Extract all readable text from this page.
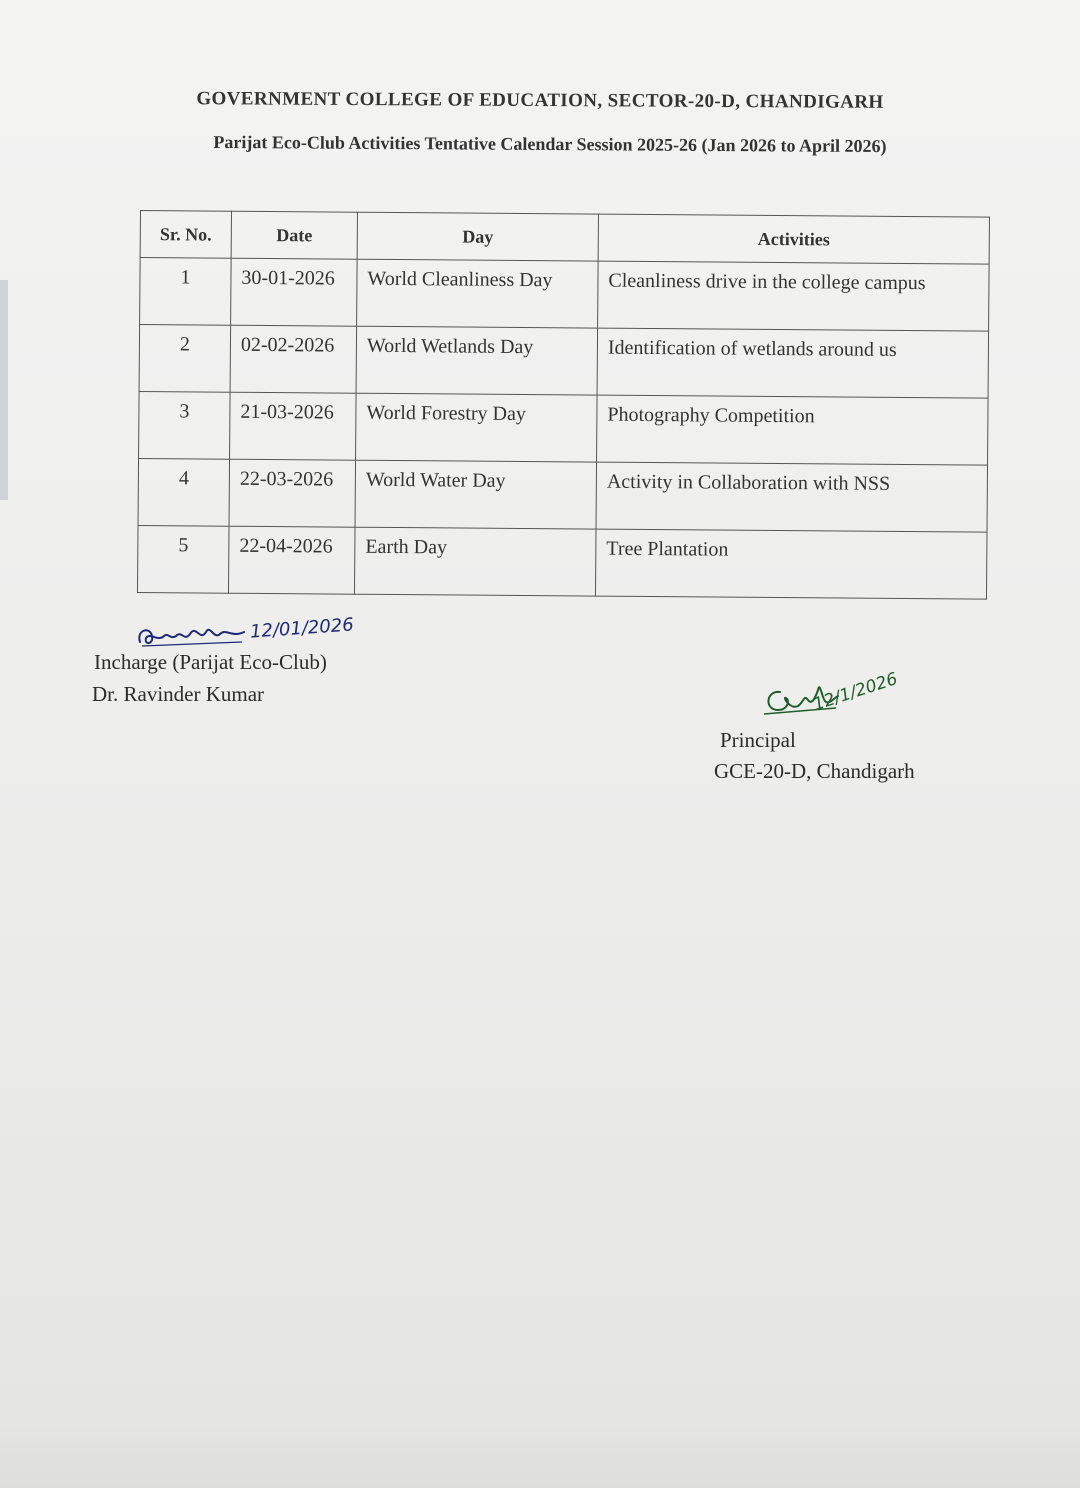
GOVERNMENT COLLEGE OF EDUCATION, SECTOR-20-D, CHANDIGARH
Parijat Eco-Club Activities Tentative Calendar Session 2025-26 (Jan 2026 to April 2026)
Sr. No.	Date	Day	Activities
1	30-01-2026	World Cleanliness Day	Cleanliness drive in the college campus
2	02-02-2026	World Wetlands Day	Identification of wetlands around us
3	21-03-2026	World Forestry Day	Photography Competition
4	22-03-2026	World Water Day	Activity in Collaboration with NSS
5	22-04-2026	Earth Day	Tree Plantation
12/01/2026
Incharge (Parijat Eco-Club)
Dr. Ravinder Kumar	12/1/2026
Principal
GCE-20-D, Chandigarh
